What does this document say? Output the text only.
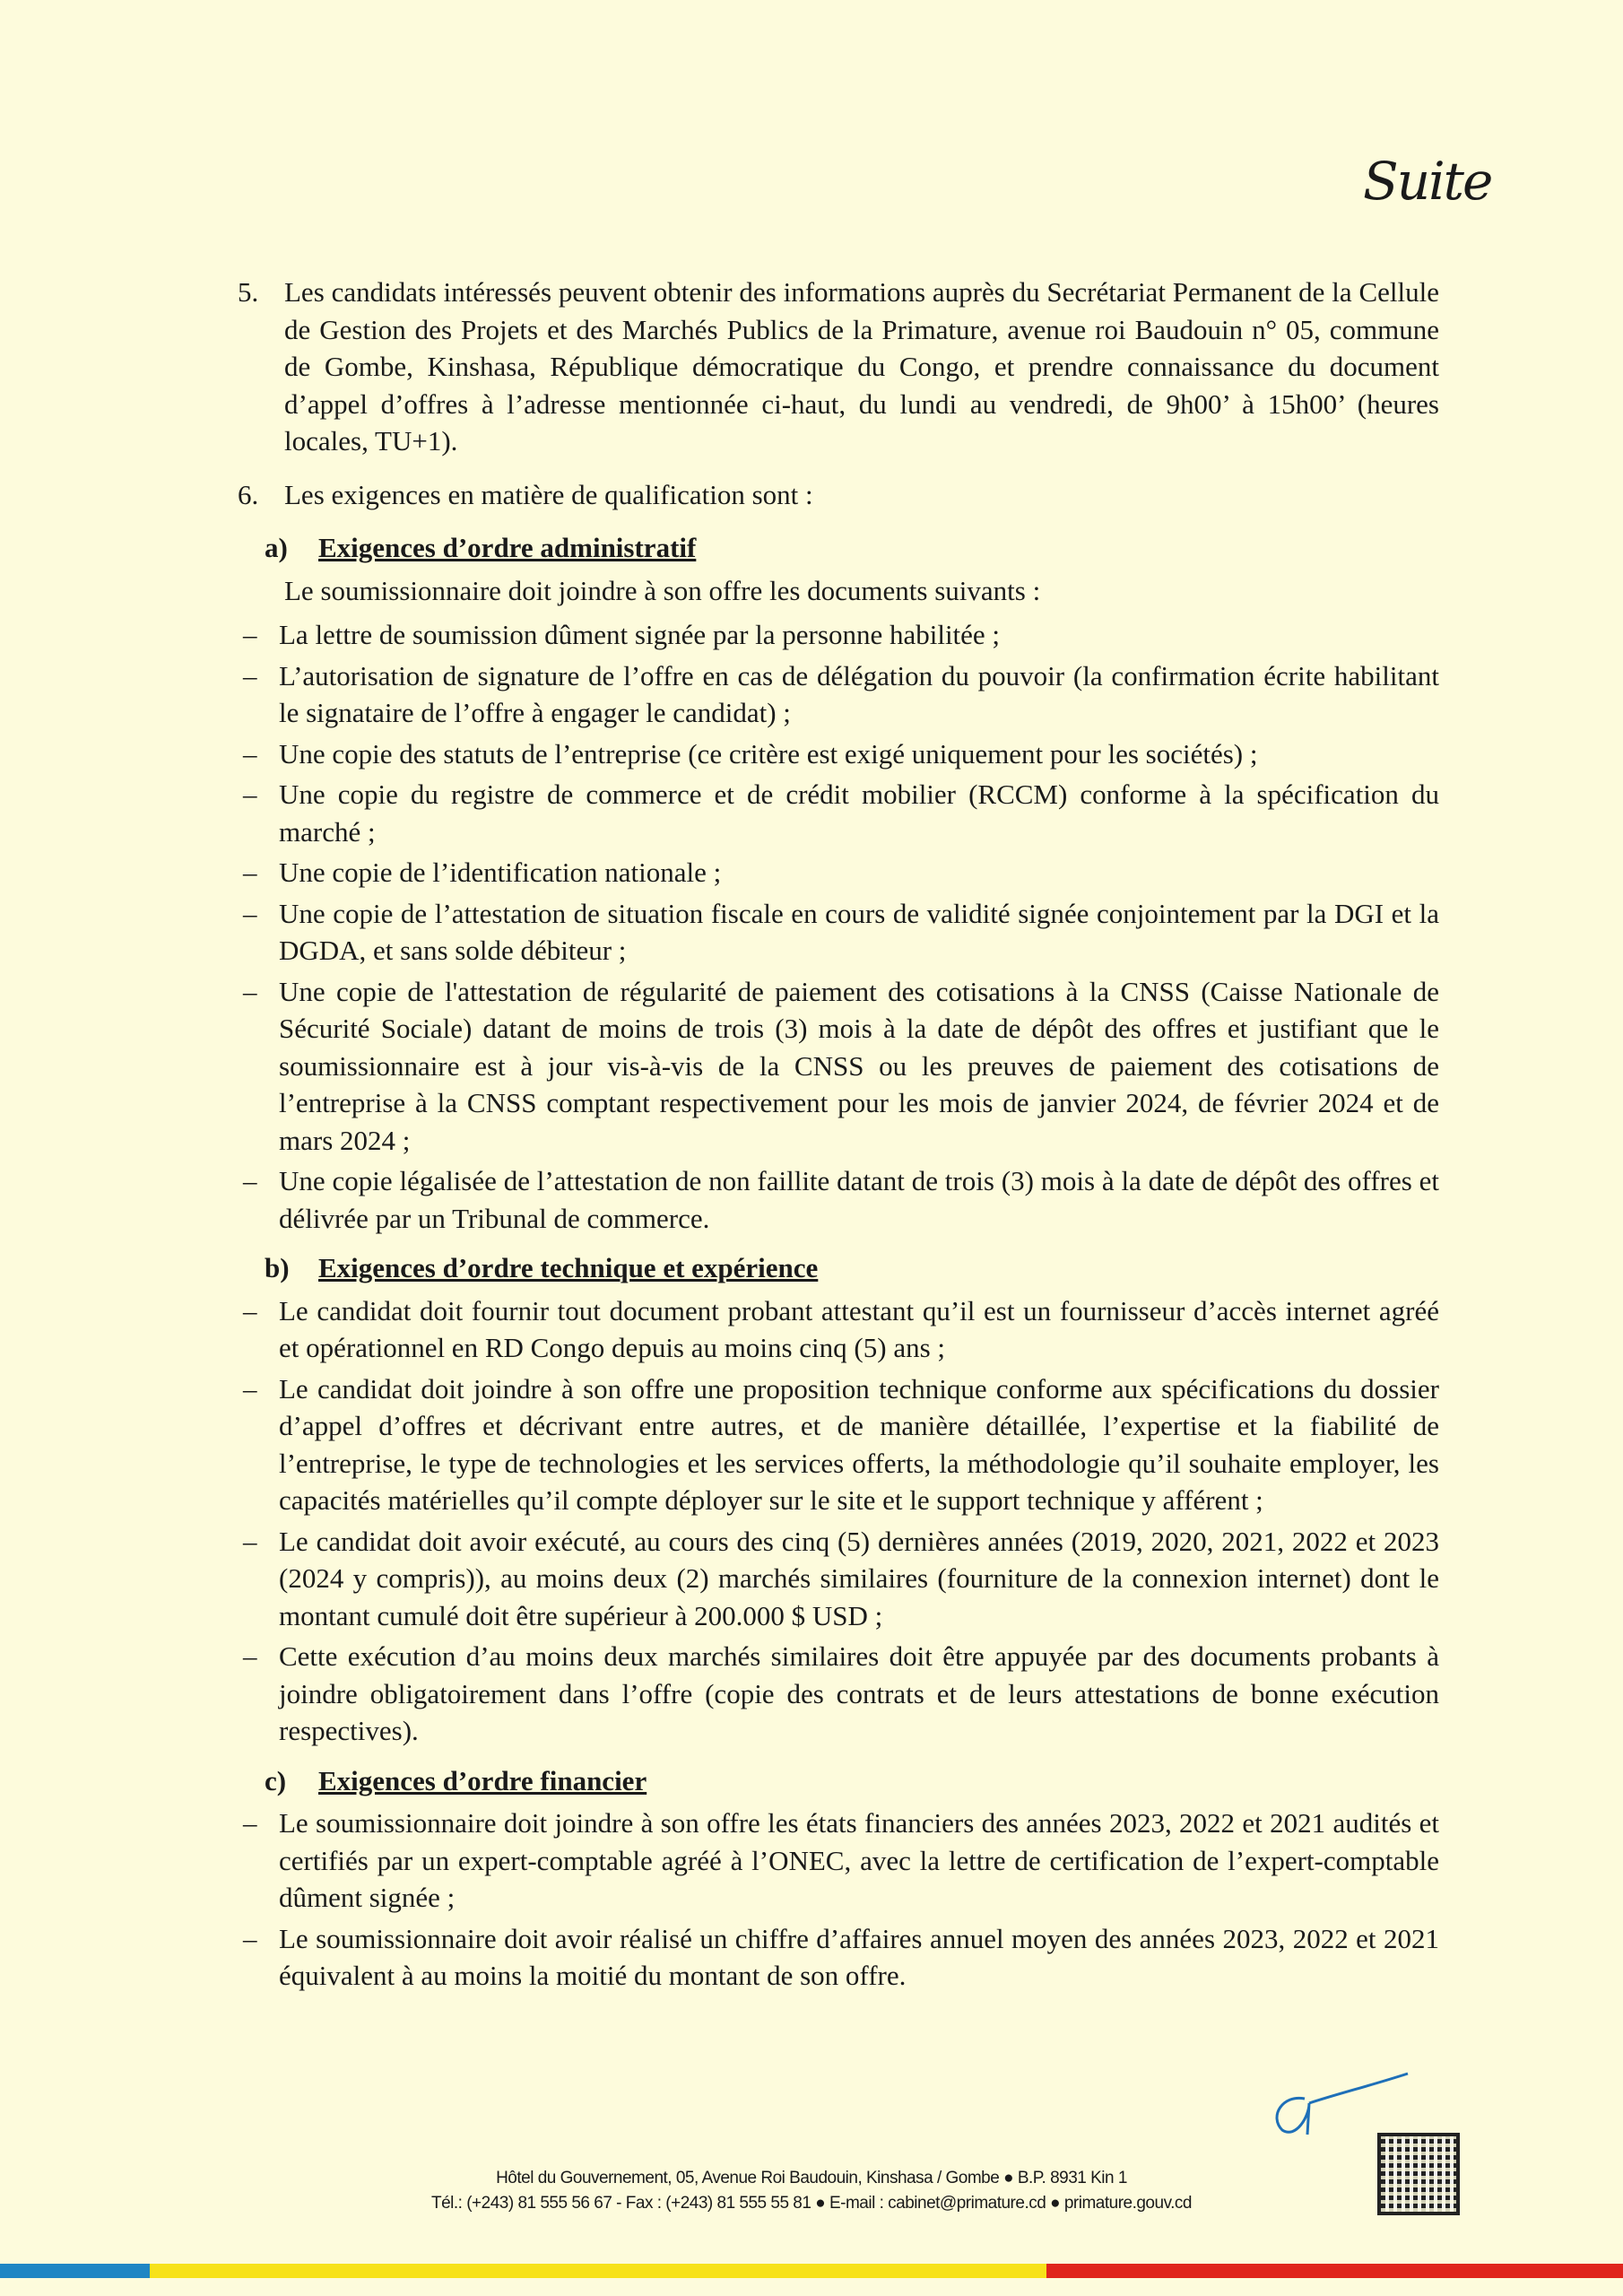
Suite
5. Les candidats intéressés peuvent obtenir des informations auprès du Secrétariat Permanent de la Cellule de Gestion des Projets et des Marchés Publics de la Primature, avenue roi Baudouin n° 05, commune de Gombe, Kinshasa, République démocratique du Congo, et prendre connaissance du document d’appel d’offres à l’adresse mentionnée ci-haut, du lundi au vendredi, de 9h00’ à 15h00’ (heures locales, TU+1).
6. Les exigences en matière de qualification sont :
a)	Exigences d’ordre administratif
Le soumissionnaire doit joindre à son offre les documents suivants :
– La lettre de soumission dûment signée par la personne habilitée ;
– L’autorisation de signature de l’offre en cas de délégation du pouvoir (la confirmation écrite habilitant le signataire de l’offre à engager le candidat) ;
– Une copie des statuts de l’entreprise (ce critère est exigé uniquement pour les sociétés) ;
– Une copie du registre de commerce et de crédit mobilier (RCCM) conforme à la spécification du marché ;
– Une copie de l’identification nationale ;
– Une copie de l’attestation de situation fiscale en cours de validité signée conjointement par la DGI et la DGDA, et sans solde débiteur ;
– Une copie de l'attestation de régularité de paiement des cotisations à la CNSS (Caisse Nationale de Sécurité Sociale) datant de moins de trois (3) mois à la date de dépôt des offres et justifiant que le soumissionnaire est à jour vis-à-vis de la CNSS ou les preuves de paiement des cotisations de l’entreprise à la CNSS comptant respectivement pour les mois de janvier 2024, de février 2024 et de mars 2024 ;
– Une copie légalisée de l’attestation de non faillite datant de trois (3) mois à la date de dépôt des offres et délivrée par un Tribunal de commerce.
b)	Exigences d’ordre technique et expérience
– Le candidat doit fournir tout document probant attestant qu’il est un fournisseur d’accès internet agréé et opérationnel en RD Congo depuis au moins cinq (5) ans ;
– Le candidat doit joindre à son offre une proposition technique conforme aux spécifications du dossier d’appel d’offres et décrivant entre autres, et de manière détaillée, l’expertise et la fiabilité de l’entreprise, le type de technologies et les services offerts, la méthodologie qu’il souhaite employer, les capacités matérielles qu’il compte déployer sur le site et le support technique y afférent ;
– Le candidat doit avoir exécuté, au cours des cinq (5) dernières années (2019, 2020, 2021, 2022 et 2023 (2024 y compris)), au moins deux (2) marchés similaires (fourniture de la connexion internet) dont le montant cumulé doit être supérieur à 200.000 $ USD ;
– Cette exécution d’au moins deux marchés similaires doit être appuyée par des documents probants à joindre obligatoirement dans l’offre (copie des contrats et de leurs attestations de bonne exécution respectives).
c)	Exigences d’ordre financier
– Le soumissionnaire doit joindre à son offre les états financiers des années 2023, 2022 et 2021 audités et certifiés par un expert-comptable agréé à l’ONEC, avec la lettre de certification de l’expert-comptable dûment signée ;
– Le soumissionnaire doit avoir réalisé un chiffre d’affaires annuel moyen des années 2023, 2022 et 2021 équivalent à au moins la moitié du montant de son offre.
Hôtel du Gouvernement, 05, Avenue Roi Baudouin, Kinshasa / Gombe ● B.P. 8931 Kin 1
Tél.: (+243) 81 555 56 67 - Fax : (+243) 81 555 55 81 ● E-mail : cabinet@primature.cd ● primature.gouv.cd
